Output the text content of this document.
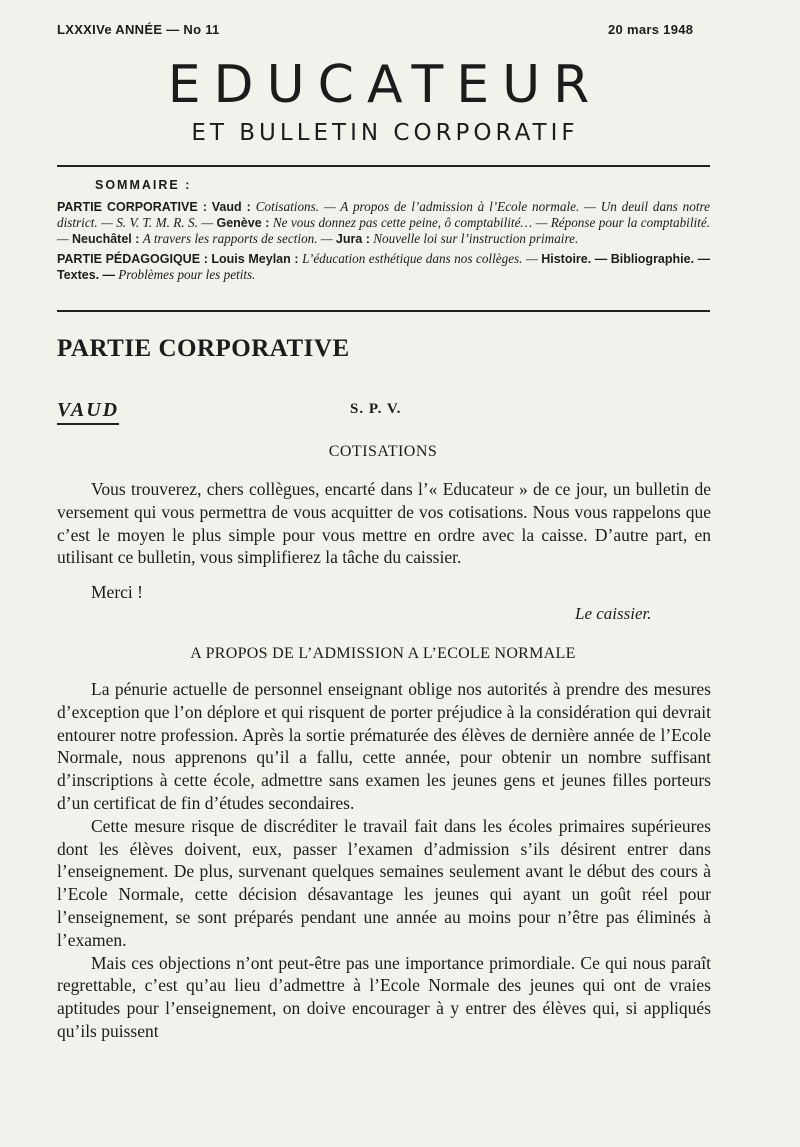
LXXXIVe ANNÉE — No 11	20 mars 1948
EDUCATEUR
ET BULLETIN CORPORATIF
SOMMAIRE :
PARTIE CORPORATIVE : Vaud : Cotisations. — A propos de l’admission à l’Ecole normale. — Un deuil dans notre district. — S. V. T. M. R. S. — Genève : Ne vous donnez pas cette peine, ô comptabilité… — Réponse pour la comptabilité. — Neuchâtel : A travers les rapports de section. — Jura : Nouvelle loi sur l’instruction primaire.
PARTIE PÉDAGOGIQUE : Louis Meylan : L’éducation esthétique dans nos collèges. — Histoire. — Bibliographie. — Textes. — Problèmes pour les petits.
PARTIE CORPORATIVE
VAUD	S. P. V.
COTISATIONS

Vous trouverez, chers collègues, encarté dans l’« Educateur » de ce jour, un bulletin de versement qui vous permettra de vous acquitter de vos cotisations. Nous vous rappelons que c’est le moyen le plus simple pour vous mettre en ordre avec la caisse. D’autre part, en utilisant ce bulletin, vous simplifierez la tâche du caissier.

Merci !
Le caissier.
A PROPOS DE L’ADMISSION A L’ECOLE NORMALE

La pénurie actuelle de personnel enseignant oblige nos autorités à prendre des mesures d’exception que l’on déplore et qui risquent de porter préjudice à la considération qui devrait entourer notre profession. Après la sortie prématurée des élèves de dernière année de l’Ecole Normale, nous apprenons qu’il a fallu, cette année, pour obtenir un nombre suffisant d’inscriptions à cette école, admettre sans examen les jeunes gens et jeunes filles porteurs d’un certificat de fin d’études secondaires.

Cette mesure risque de discréditer le travail fait dans les écoles primaires supérieures dont les élèves doivent, eux, passer l’examen d’admission s’ils désirent entrer dans l’enseignement. De plus, survenant quelques semaines seulement avant le début des cours à l’Ecole Normale, cette décision désavantage les jeunes qui ayant un goût réel pour l’enseignement, se sont préparés pendant une année au moins pour n’être pas éliminés à l’examen.

Mais ces objections n’ont peut-être pas une importance primordiale. Ce qui nous paraît regrettable, c’est qu’au lieu d’admettre à l’Ecole Normale des jeunes qui ont de vraies aptitudes pour l’enseignement, on doive encourager à y entrer des élèves qui, si appliqués qu’ils puissent
